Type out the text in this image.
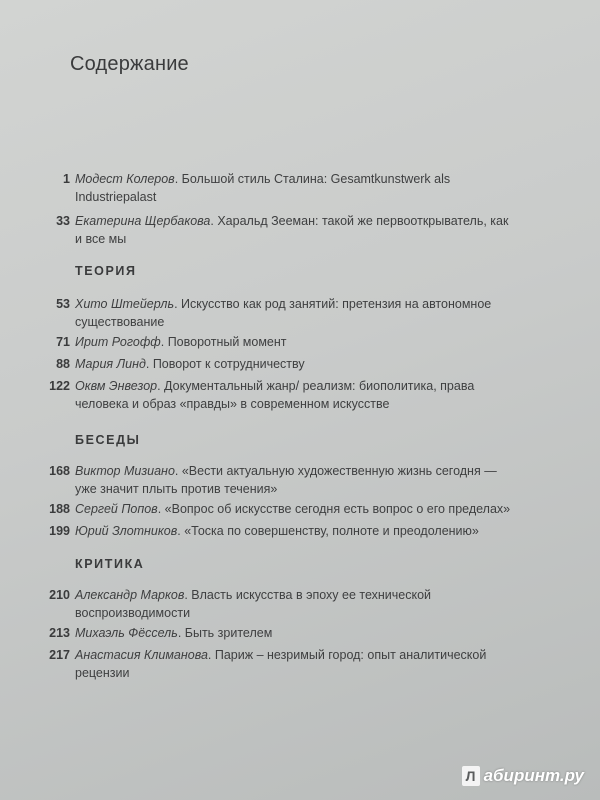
Содержание
1 Модест Колеров. Большой стиль Сталина: Gesamtkunstwerk als Industriepalast
33 Екатерина Щербакова. Харальд Зееман: такой же первооткрыватель, как и все мы
ТЕОРИЯ
53 Хито Штейерль. Искусство как род занятий: претензия на автономное существование
71 Ирит Рогофф. Поворотный момент
88 Мария Линд. Поворот к сотрудничеству
122 Оквм Энвезор. Документальный жанр/ реализм: биополитика, права человека и образ «правды» в современном искусстве
БЕСЕДЫ
168 Виктор Мизиано. «Вести актуальную художественную жизнь сегодня — уже значит плыть против течения»
188 Сергей Попов. «Вопрос об искусстве сегодня есть вопрос о его пределах»
199 Юрий Злотников. «Тоска по совершенству, полноте и преодолению»
КРИТИКА
210 Александр Марков. Власть искусства в эпоху ее технической воспроизводимости
213 Михаэль Фёссель. Быть зрителем
217 Анастасия Климанова. Париж – незримый город: опыт аналитической рецензии
Л абиринт.ру
